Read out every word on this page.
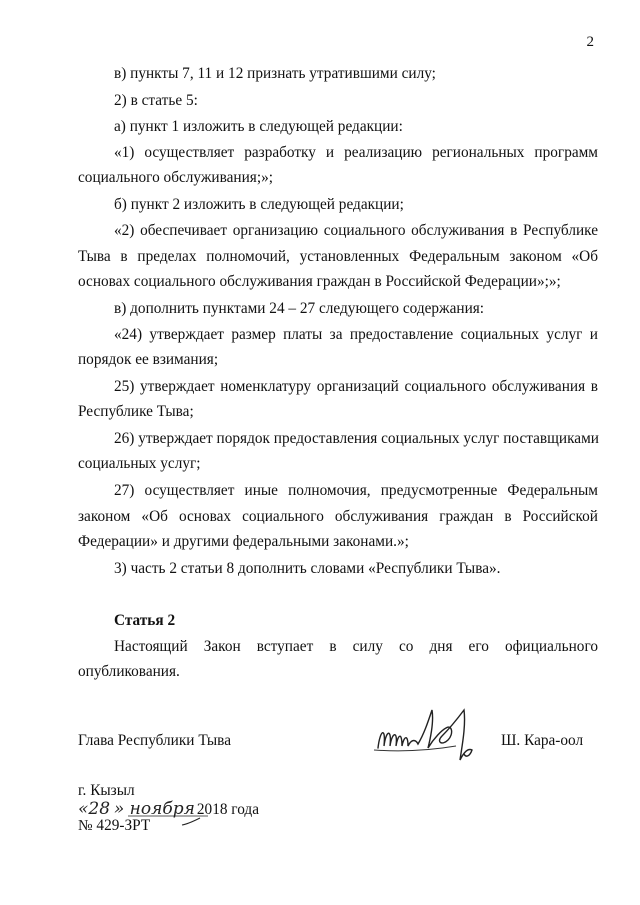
2
в) пункты 7, 11 и 12 признать утратившими силу;
2) в статье 5:
а) пункт 1 изложить в следующей редакции:
«1) осуществляет разработку и реализацию региональных программ
социального обслуживания;»;
б) пункт 2 изложить в следующей редакции;
«2) обеспечивает организацию социального обслуживания в Республике
Тыва в пределах полномочий, установленных Федеральным законом «Об
основах социального обслуживания граждан в Российской Федерации»;»;
в) дополнить пунктами 24 – 27 следующего содержания:
«24) утверждает размер платы за предоставление социальных услуг и
порядок ее взимания;
25) утверждает номенклатуру организаций социального обслуживания в
Республике Тыва;
26) утверждает порядок предоставления социальных услуг поставщиками
социальных услуг;
27) осуществляет иные полномочия, предусмотренные Федеральным
законом «Об основах социального обслуживания граждан в Российской
Федерации» и другими федеральными законами.»;
3) часть 2 статьи 8 дополнить словами «Республики Тыва».
Статья 2
Настоящий Закон вступает в силу со дня его официального
опубликования.
Глава Республики Тыва	Ш. Кара-оол
г. Кызыл
«28 » ноября 2018 года
№ 429-ЗРТ
